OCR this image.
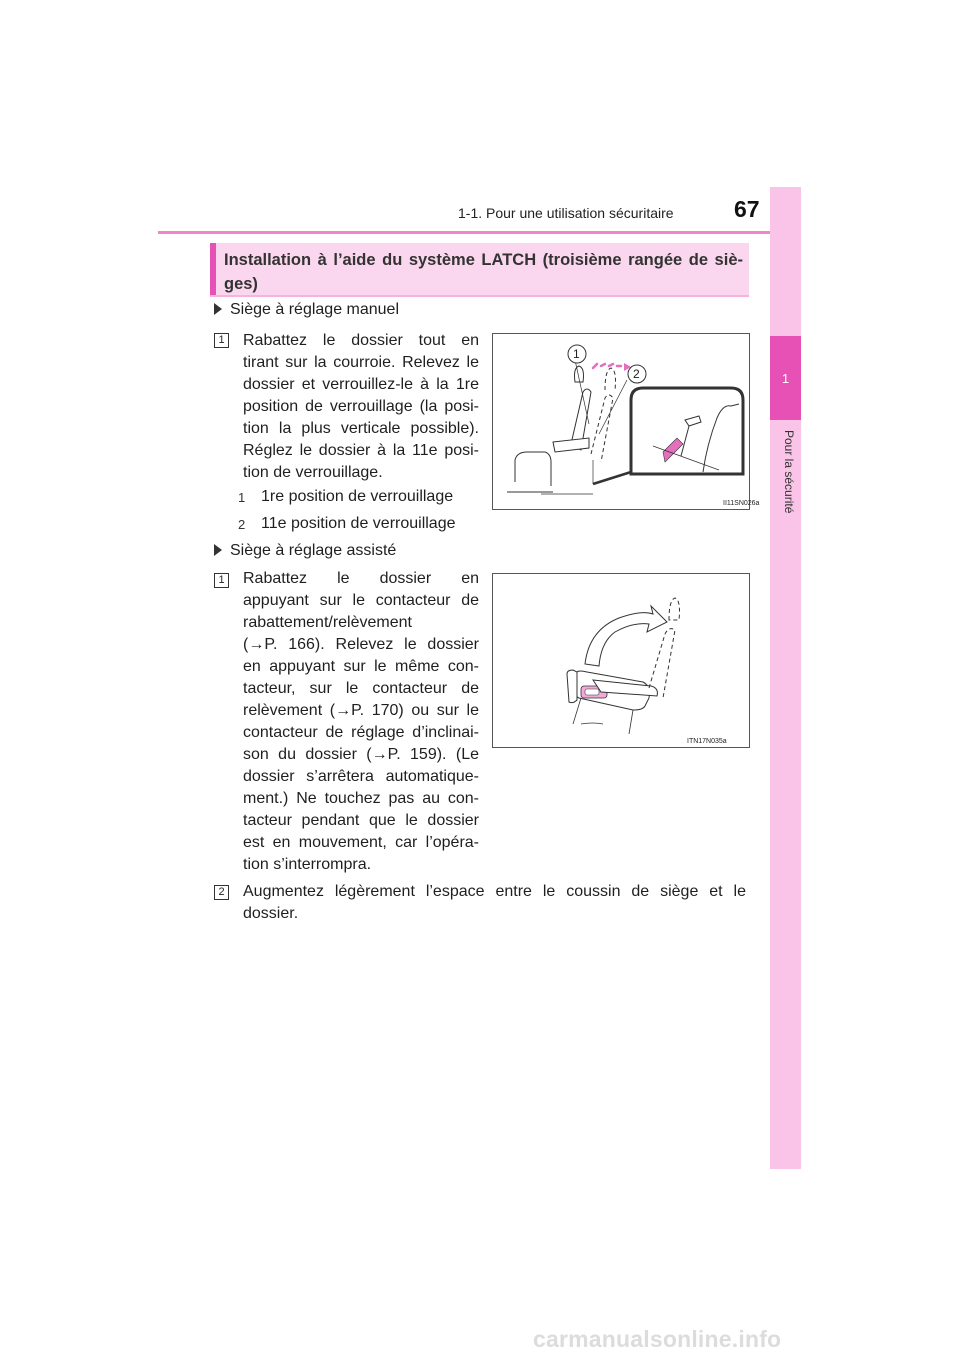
1-1. Pour une utilisation sécuritaire	67
1
Pour la sécurité
Installation à l’aide du système LATCH (troisième rangée de sièges)
Siège à réglage manuel
1 Rabattez le dossier tout en
tirant sur la courroie. Relevez le
dossier et verrouillez-le à la 1re
position de verrouillage (la posi-
tion la plus verticale possible).
Réglez le dossier à la 11e posi-
tion de verrouillage.
1 1re position de verrouillage
2 11e position de verrouillage
II11SN026a
1
2
Siège à réglage assisté
1 Rabattez le dossier en
appuyant sur le contacteur de
rabattement/relèvement
(→P. 166). Relevez le dossier
en appuyant sur le même con-
tacteur, sur le contacteur de
relèvement (→P. 170) ou sur le
contacteur de réglage d’inclinai-
son du dossier (→P. 159). (Le
dossier s’arrêtera automatique-
ment.) Ne touchez pas au con-
tacteur pendant que le dossier
est en mouvement, car l’opéra-
tion s’interrompra.
ITN17N035a
2 Augmentez légèrement l’espace entre le coussin de siège et le
dossier.
carmanualsonline.info
